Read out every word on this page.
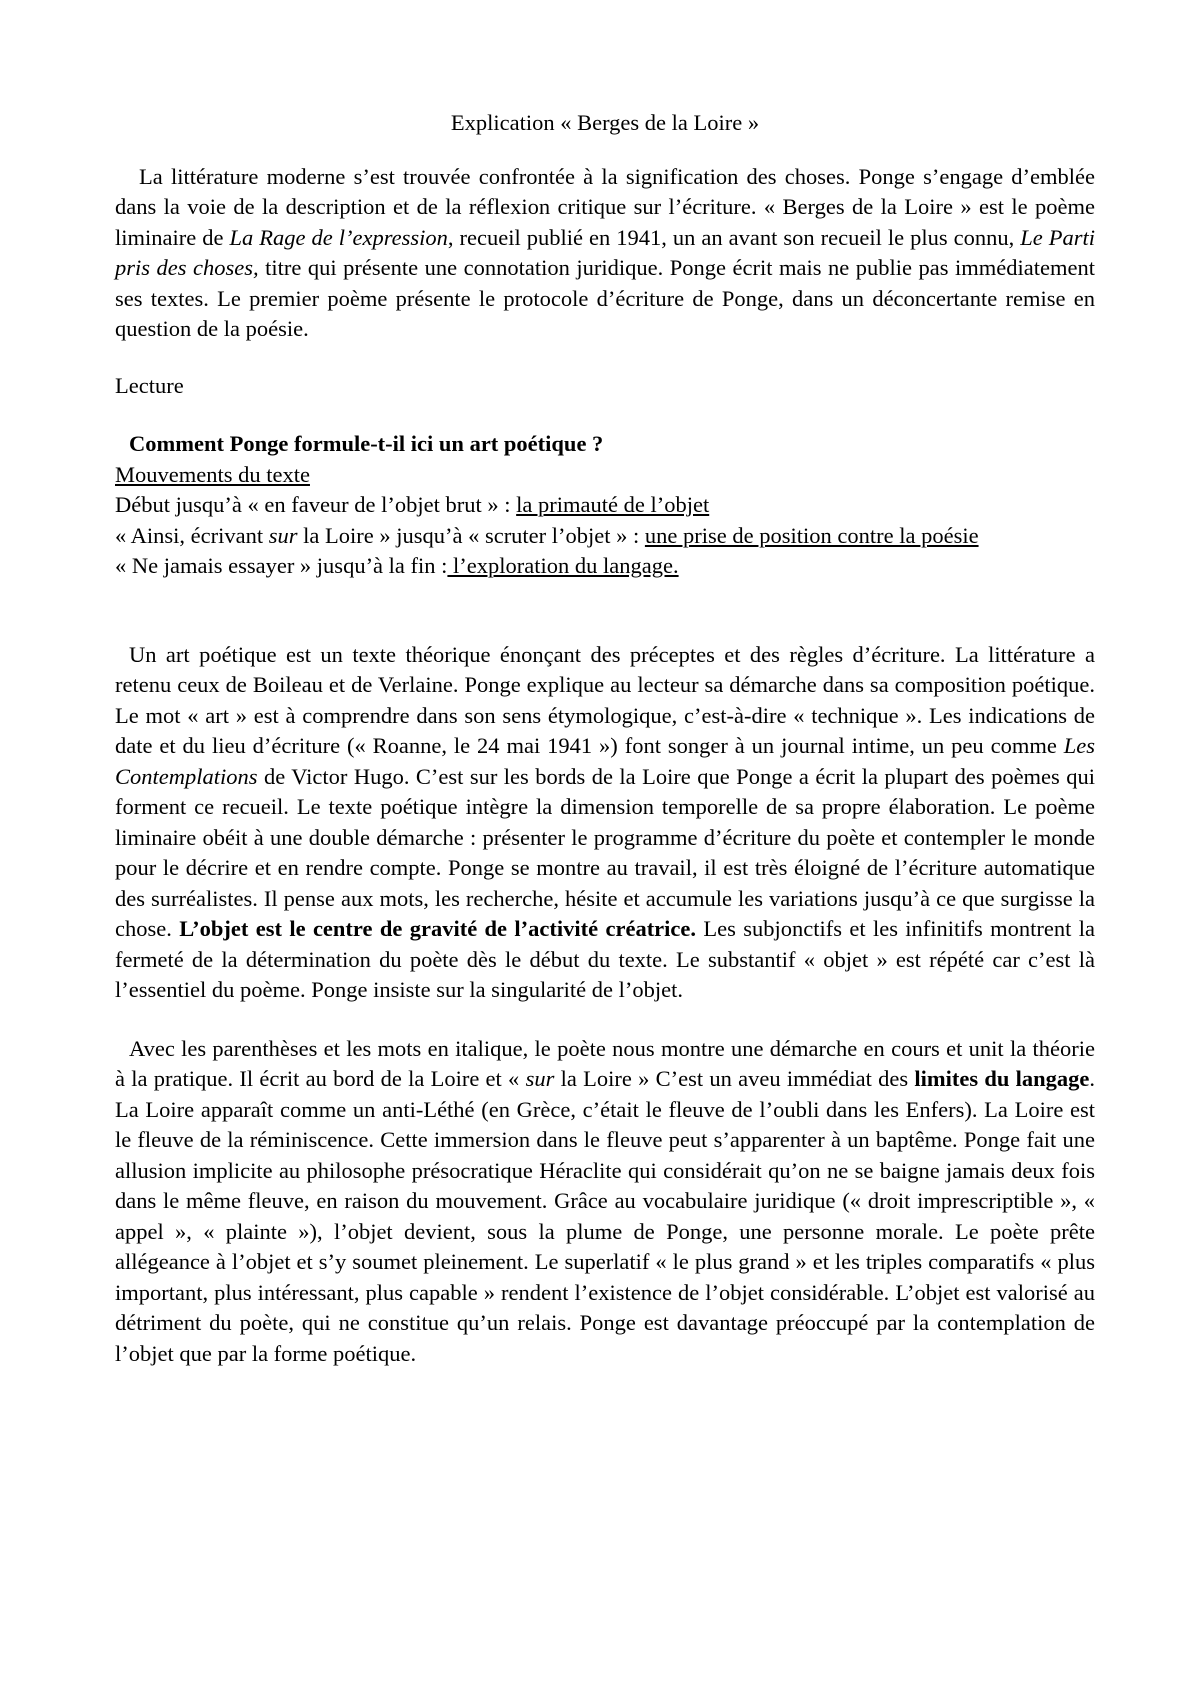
Explication « Berges de la Loire »

La littérature moderne s’est trouvée confrontée à la signification des choses. Ponge s’engage d’emblée dans la voie de la description et de la réflexion critique sur l’écriture. « Berges de la Loire » est le poème liminaire de La Rage de l’expression, recueil publié en 1941, un an avant son recueil le plus connu, Le Parti pris des choses, titre qui présente une connotation juridique. Ponge écrit mais ne publie pas immédiatement ses textes. Le premier poème présente le protocole d’écriture de Ponge, dans un déconcertante remise en question de la poésie.

Lecture

Comment Ponge formule-t-il ici un art poétique ?

Mouvements du texte

Début jusqu’à « en faveur de l’objet brut » : la primauté de l’objet

« Ainsi, écrivant sur la Loire » jusqu’à « scruter l’objet » : une prise de position contre la poésie

« Ne jamais essayer » jusqu’à la fin : l’exploration du langage.

Un art poétique est un texte théorique énonçant des préceptes et des règles d’écriture. La littérature a retenu ceux de Boileau et de Verlaine. Ponge explique au lecteur sa démarche dans sa composition poétique. Le mot « art » est à comprendre dans son sens étymologique, c’est-à-dire « technique ». Les indications de date et du lieu d’écriture (« Roanne, le 24 mai 1941 ») font songer à un journal intime, un peu comme Les Contemplations de Victor Hugo. C’est sur les bords de la Loire que Ponge a écrit la plupart des poèmes qui forment ce recueil. Le texte poétique intègre la dimension temporelle de sa propre élaboration. Le poème liminaire obéit à une double démarche : présenter le programme d’écriture du poète et contempler le monde pour le décrire et en rendre compte. Ponge se montre au travail, il est très éloigné de l’écriture automatique des surréalistes. Il pense aux mots, les recherche, hésite et accumule les variations jusqu’à ce que surgisse la chose. L’objet est le centre de gravité de l’activité créatrice. Les subjonctifs et les infinitifs montrent la fermeté de la détermination du poète dès le début du texte. Le substantif « objet » est répété car c’est là l’essentiel du poème. Ponge insiste sur la singularité de l’objet.

Avec les parenthèses et les mots en italique, le poète nous montre une démarche en cours et unit la théorie à la pratique. Il écrit au bord de la Loire et « sur la Loire » C’est un aveu immédiat des limites du langage. La Loire apparaît comme un anti-Léthé (en Grèce, c’était le fleuve de l’oubli dans les Enfers). La Loire est le fleuve de la réminiscence. Cette immersion dans le fleuve peut s’apparenter à un baptême. Ponge fait une allusion implicite au philosophe présocratique Héraclite qui considérait qu’on ne se baigne jamais deux fois dans le même fleuve, en raison du mouvement. Grâce au vocabulaire juridique (« droit imprescriptible », « appel », « plainte »), l’objet devient, sous la plume de Ponge, une personne morale. Le poète prête allégeance à l’objet et s’y soumet pleinement. Le superlatif « le plus grand » et les triples comparatifs « plus important, plus intéressant, plus capable » rendent l’existence de l’objet considérable. L’objet est valorisé au détriment du poète, qui ne constitue qu’un relais. Ponge est davantage préoccupé par la contemplation de l’objet que par la forme poétique.
